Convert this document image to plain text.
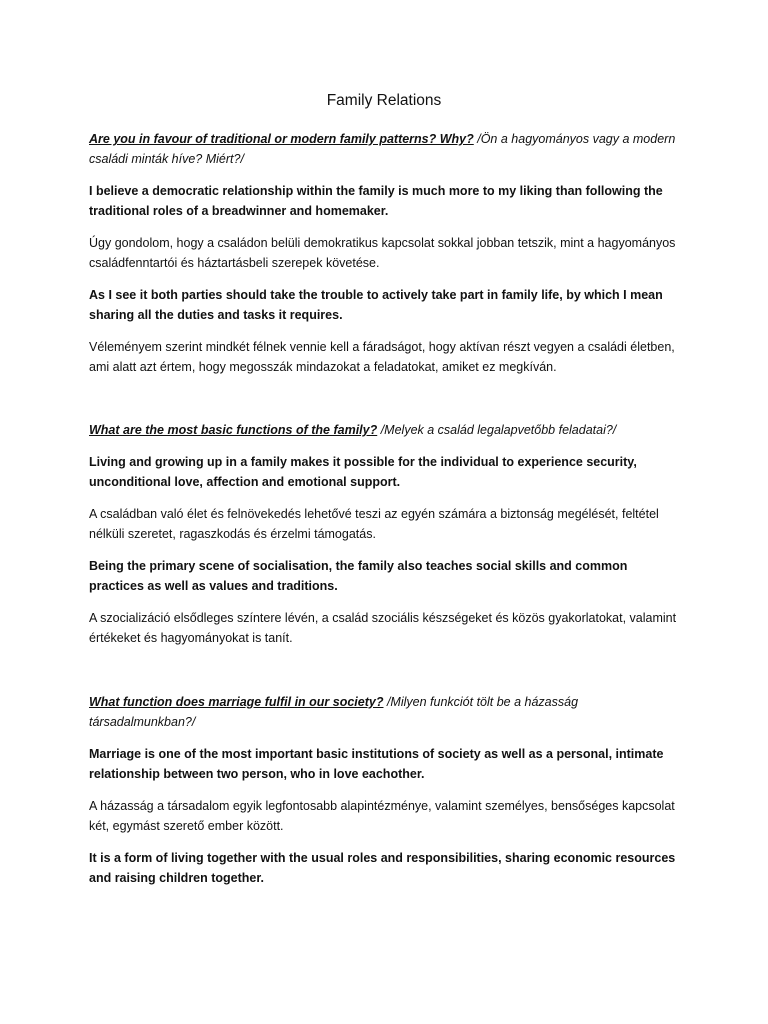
Family Relations

Are you in favour of traditional or modern family patterns? Why? /Ön a hagyományos vagy a modern családi minták híve? Miért?/

I believe a democratic relationship within the family is much more to my liking than following the traditional roles of a breadwinner and homemaker.

Úgy gondolom, hogy a családon belüli demokratikus kapcsolat sokkal jobban tetszik, mint a hagyományos családfenntartói és háztartásbeli szerepek követése.

As I see it both parties should take the trouble to actively take part in family life, by which I mean sharing all the duties and tasks it requires.

Véleményem szerint mindkét félnek vennie kell a fáradságot, hogy aktívan részt vegyen a családi életben, ami alatt azt értem, hogy megosszák mindazokat a feladatokat, amiket ez megkíván.

What are the most basic functions of the family? /Melyek a család legalapvetőbb feladatai?/

Living and growing up in a family makes it possible for the individual to experience security, unconditional love, affection and emotional support.

A családban való élet és felnövekedés lehetővé teszi az egyén számára a biztonság megélését, feltétel nélküli szeretet, ragaszkodás és érzelmi támogatás.

Being the primary scene of socialisation, the family also teaches social skills and common practices as well as values and traditions.

A szocializáció elsődleges színtere lévén, a család szociális készségeket és közös gyakorlatokat, valamint értékeket és hagyományokat is tanít.

What function does marriage fulfil in our society? /Milyen funkciót tölt be a házasság társadalmunkban?/

Marriage is one of the most important basic institutions of society as well as a personal, intimate relationship between two person, who in love eachother.

A házasság a társadalom egyik legfontosabb alapintézménye, valamint személyes, bensőséges kapcsolat két, egymást szerető ember között.

It is a form of living together with the usual roles and responsibilities, sharing economic resources and raising children together.
